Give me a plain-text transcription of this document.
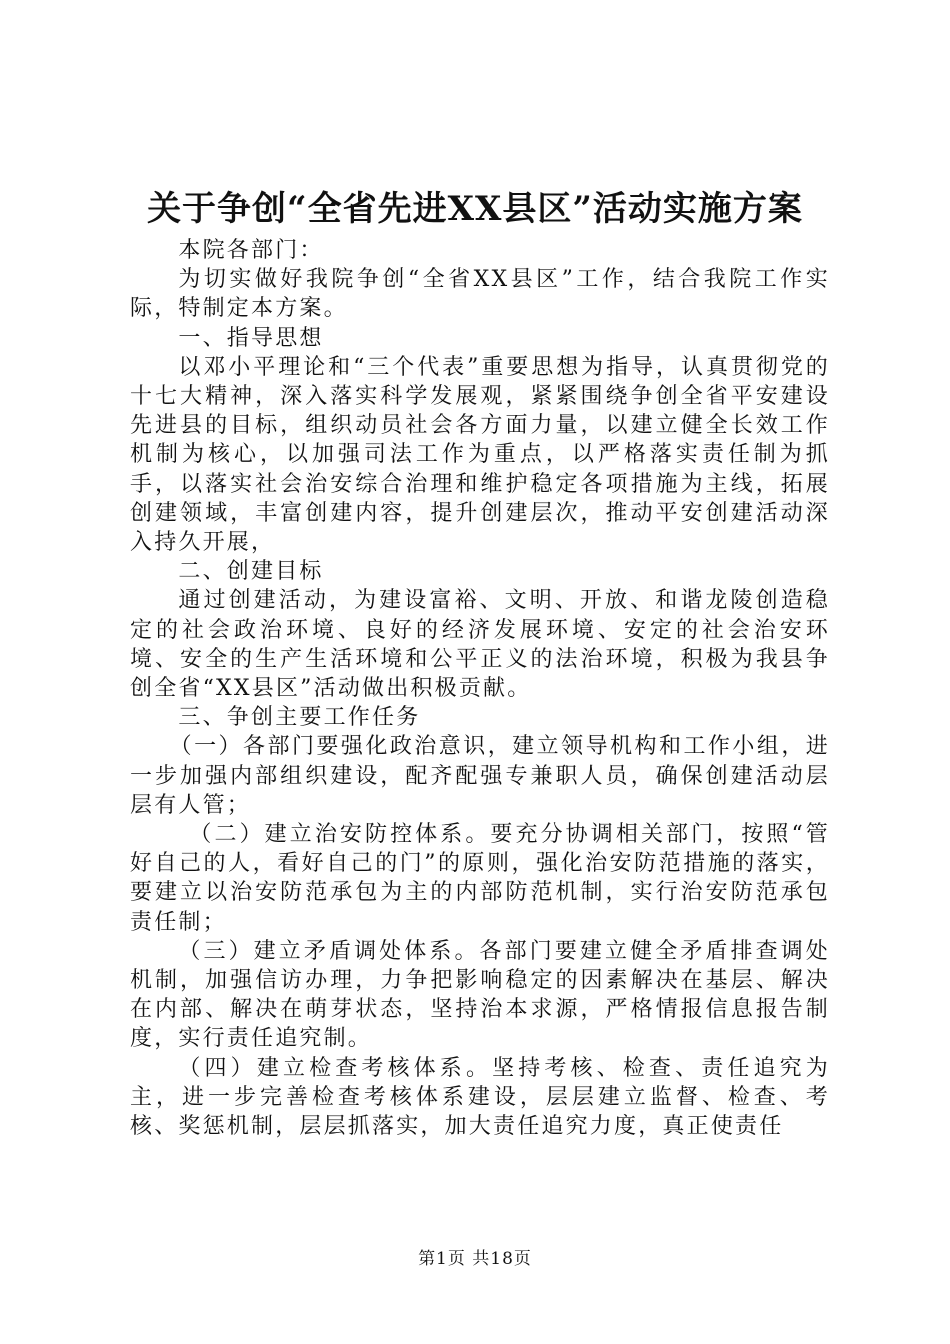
关于争创“全省先进XX县区”活动实施方案

本院各部门：

为切实做好我院争创“全省XX县区”工作，结合我院工作实际，特制定本方案。

一、指导思想

以邓小平理论和“三个代表”重要思想为指导，认真贯彻党的十七大精神，深入落实科学发展观，紧紧围绕争创全省平安建设先进县的目标，组织动员社会各方面力量，以建立健全长效工作机制为核心，以加强司法工作为重点，以严格落实责任制为抓手，以落实社会治安综合治理和维护稳定各项措施为主线，拓展创建领域，丰富创建内容，提升创建层次，推动平安创建活动深入持久开展，

二、创建目标

通过创建活动，为建设富裕、文明、开放、和谐龙陵创造稳定的社会政治环境、良好的经济发展环境、安定的社会治安环境、安全的生产生活环境和公平正义的法治环境，积极为我县争创全省“XX县区”活动做出积极贡献。

三、争创主要工作任务

（一）各部门要强化政治意识，建立领导机构和工作小组，进一步加强内部组织建设，配齐配强专兼职人员，确保创建活动层层有人管；

（二）建立治安防控体系。要充分协调相关部门，按照“管好自己的人，看好自己的门”的原则，强化治安防范措施的落实，要建立以治安防范承包为主的内部防范机制，实行治安防范承包责任制；

（三）建立矛盾调处体系。各部门要建立健全矛盾排查调处机制，加强信访办理，力争把影响稳定的因素解决在基层、解决在内部、解决在萌芽状态，坚持治本求源，严格情报信息报告制度，实行责任追究制。

（四）建立检查考核体系。坚持考核、检查、责任追究为主，进一步完善检查考核体系建设，层层建立监督、检查、考核、奖惩机制，层层抓落实，加大责任追究力度，真正使责任

第1页 共18页
